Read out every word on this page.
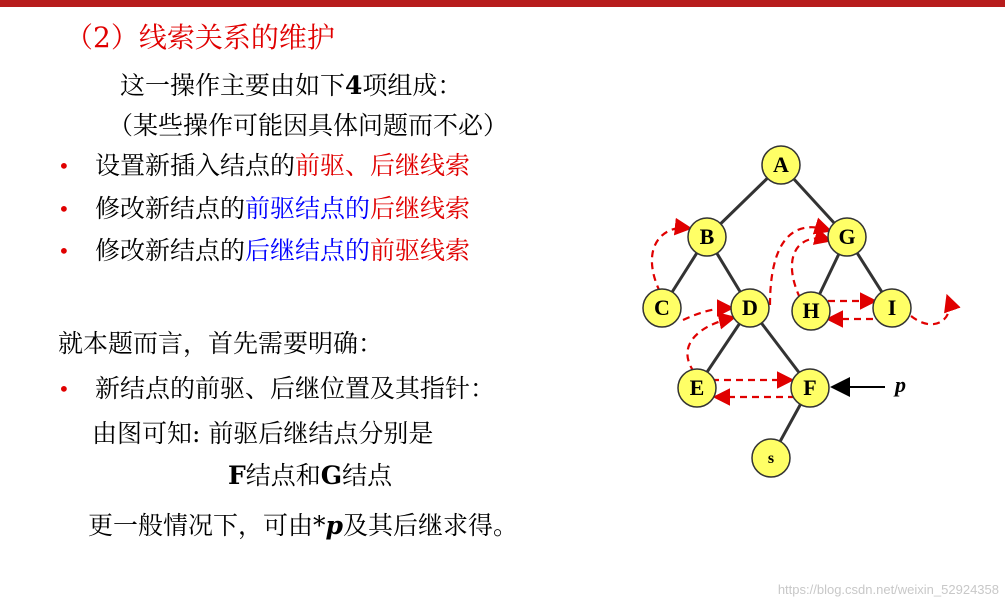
（2）线索关系的维护
这一操作主要由如下4项组成：
（某些操作可能因具体问题而不必）
• 设置新插入结点的前驱、后继线索
• 修改新结点的前驱结点的后继线索
• 修改新结点的后继结点的前驱线索
就本题而言，首先需要明确：
• 新结点的前驱、后继位置及其指针：
由图可知: 前驱后继结点分别是
F结点和G结点
更一般情况下，可由*p及其后继求得。
p
A
B	G
C	D H	I
E	F
s
https://blog.csdn.net/weixin_52924358
